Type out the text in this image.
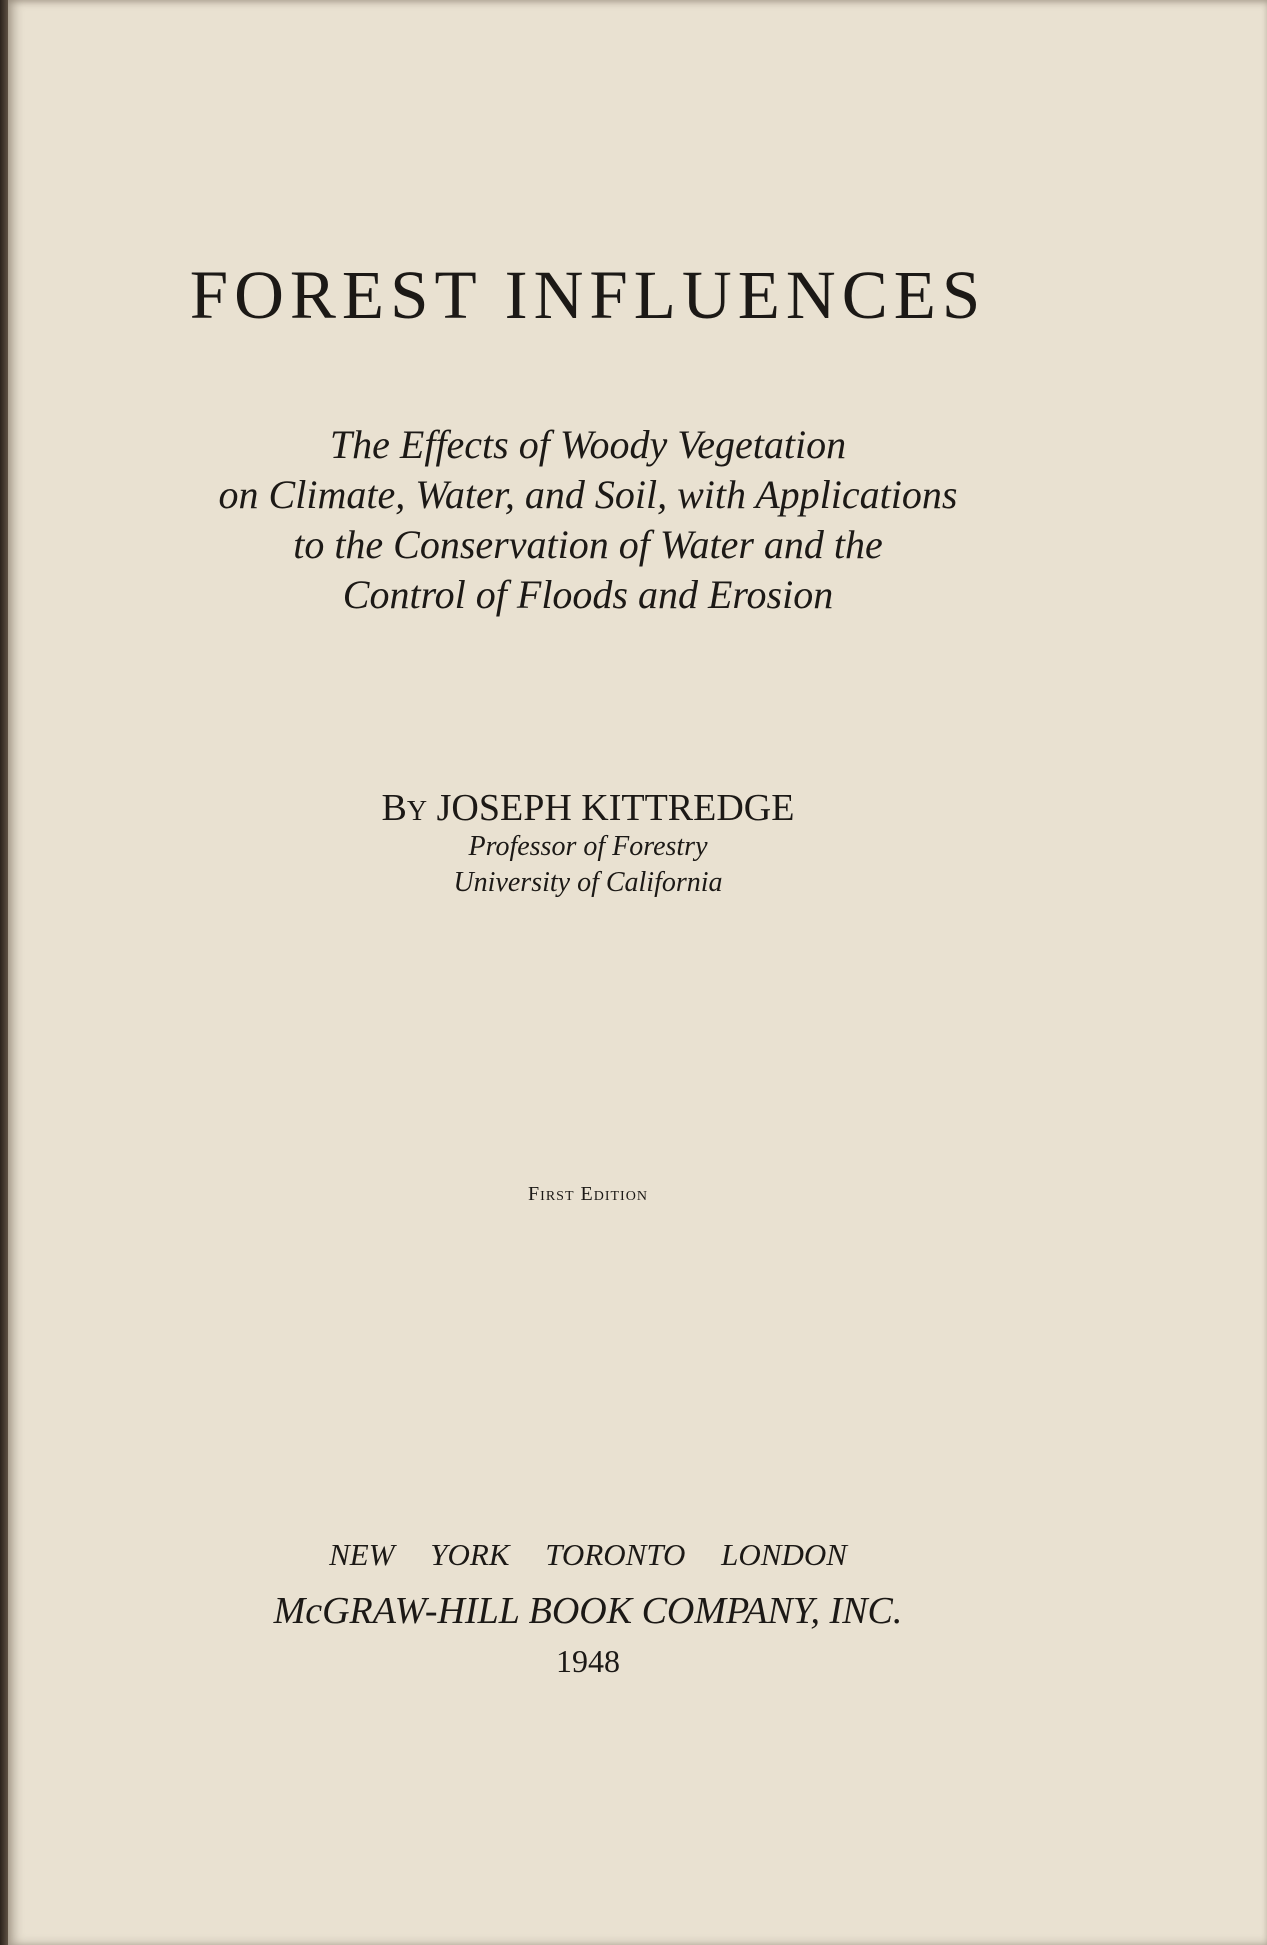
FOREST INFLUENCES
The Effects of Woody Vegetation
on Climate, Water, and Soil, with Applications
to the Conservation of Water and the
Control of Floods and Erosion
BY JOSEPH KITTREDGE
Professor of Forestry
University of California
First Edition
NEW YORK TORONTO LONDON
McGRAW-HILL BOOK COMPANY, INC.
1948
